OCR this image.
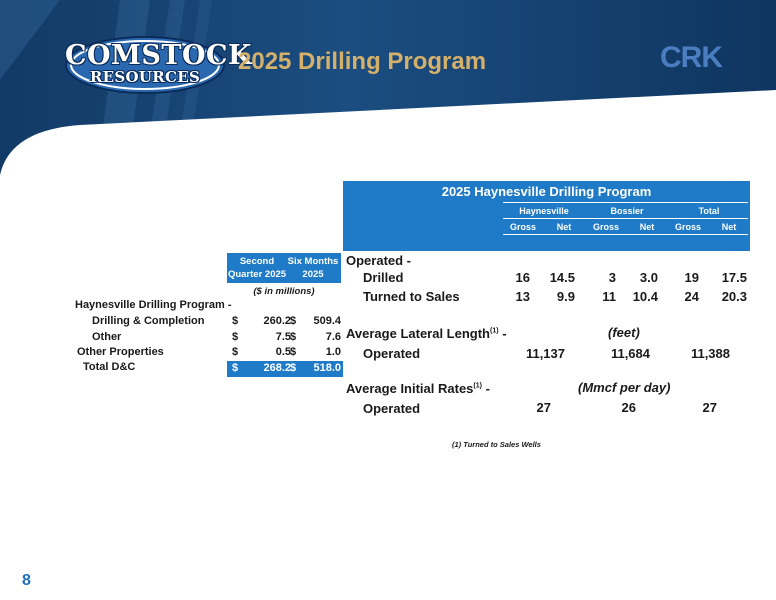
COMSTOCK
RESOURCES
2025 Drilling Program	CRK
Second
Quarter 2025
Six Months
2025
($ in millions)
Haynesville Drilling Program -
Drilling & Completion	$	260.2 $	509.4
Other	$	7.5 $	7.6
Other Properties	$	0.5 $	1.0
Total D&C	$	268.2 $	518.0
2025 Haynesville Drilling Program
Haynesville	Bossier	Total
Gross	Net	Gross	Net	Gross	Net
Operated -
Drilled	16	14.5	3	3.0	19	17.5
Turned to Sales	13	9.9	11	10.4	24	20.3
Average Lateral Length$^{(1)}$ -	(feet)
Operated	11,137	11,684	11,388
Average Initial Rates$^{(1)}$ -	(Mmcf per day)
Operated	27	26	27
(1) Turned to Sales Wells
8
